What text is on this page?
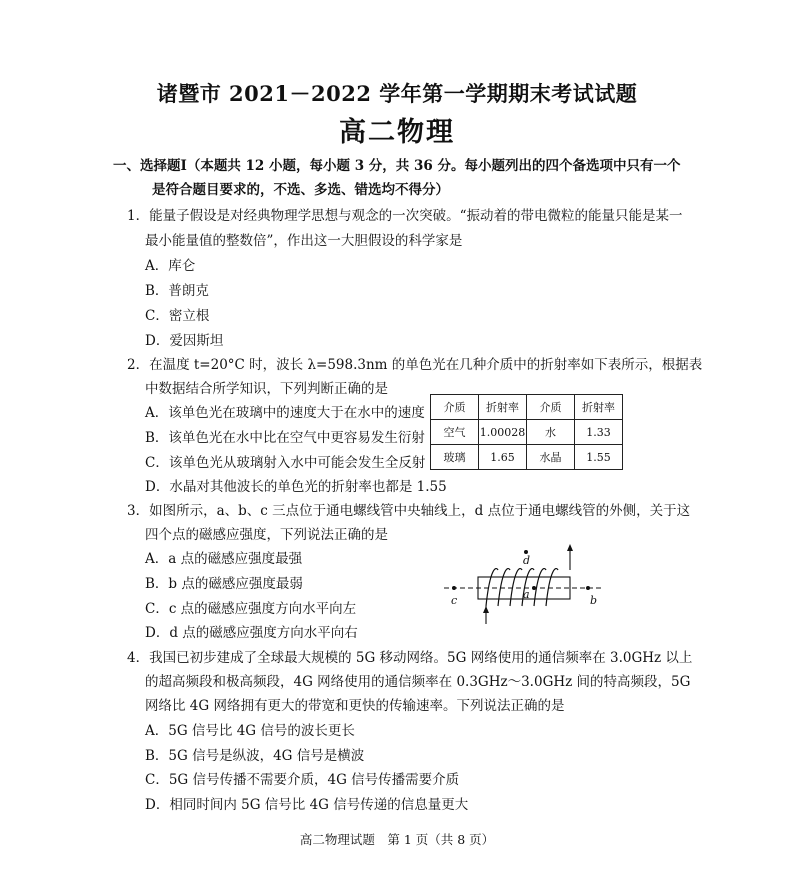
诸暨市 2021－2022 学年第一学期期末考试试题
高二物理
一、选择题Ⅰ（本题共 12 小题，每小题 3 分，共 36 分。每小题列出的四个备选项中只有一个
是符合题目要求的，不选、多选、错选均不得分）
1．能量子假设是对经典物理学思想与观念的一次突破。“振动着的带电微粒的能量只能是某一
最小能量值的整数倍”，作出这一大胆假设的科学家是
A．库仑
B．普朗克
C．密立根
D．爱因斯坦
2．在温度 t=20°C 时，波长 λ=598.3nm 的单色光在几种介质中的折射率如下表所示，根据表
中数据结合所学知识，下列判断正确的是
A．该单色光在玻璃中的速度大于在水中的速度
B．该单色光在水中比在空气中更容易发生衍射
C．该单色光从玻璃射入水中可能会发生全反射
D．水晶对其他波长的单色光的折射率也都是 1.55
介质	折射率	介质	折射率
空气	1.00028	水	1.33
玻璃	1.65	水晶	1.55
3．如图所示，a、b、c 三点位于通电螺线管中央轴线上，d 点位于通电螺线管的外侧，关于这
四个点的磁感应强度，下列说法正确的是
A．a 点的磁感应强度最强
B．b 点的磁感应强度最弱
C．c 点的磁感应强度方向水平向左
D．d 点的磁感应强度方向水平向右
c	a	b
d
4．我国已初步建成了全球最大规模的 5G 移动网络。5G 网络使用的通信频率在 3.0GHz 以上
的超高频段和极高频段，4G 网络使用的通信频率在 0.3GHz～3.0GHz 间的特高频段，5G
网络比 4G 网络拥有更大的带宽和更快的传输速率。下列说法正确的是
A．5G 信号比 4G 信号的波长更长
B．5G 信号是纵波，4G 信号是横波
C．5G 信号传播不需要介质，4G 信号传播需要介质
D．相同时间内 5G 信号比 4G 信号传递的信息量更大
高二物理试题　第 1 页（共 8 页）
